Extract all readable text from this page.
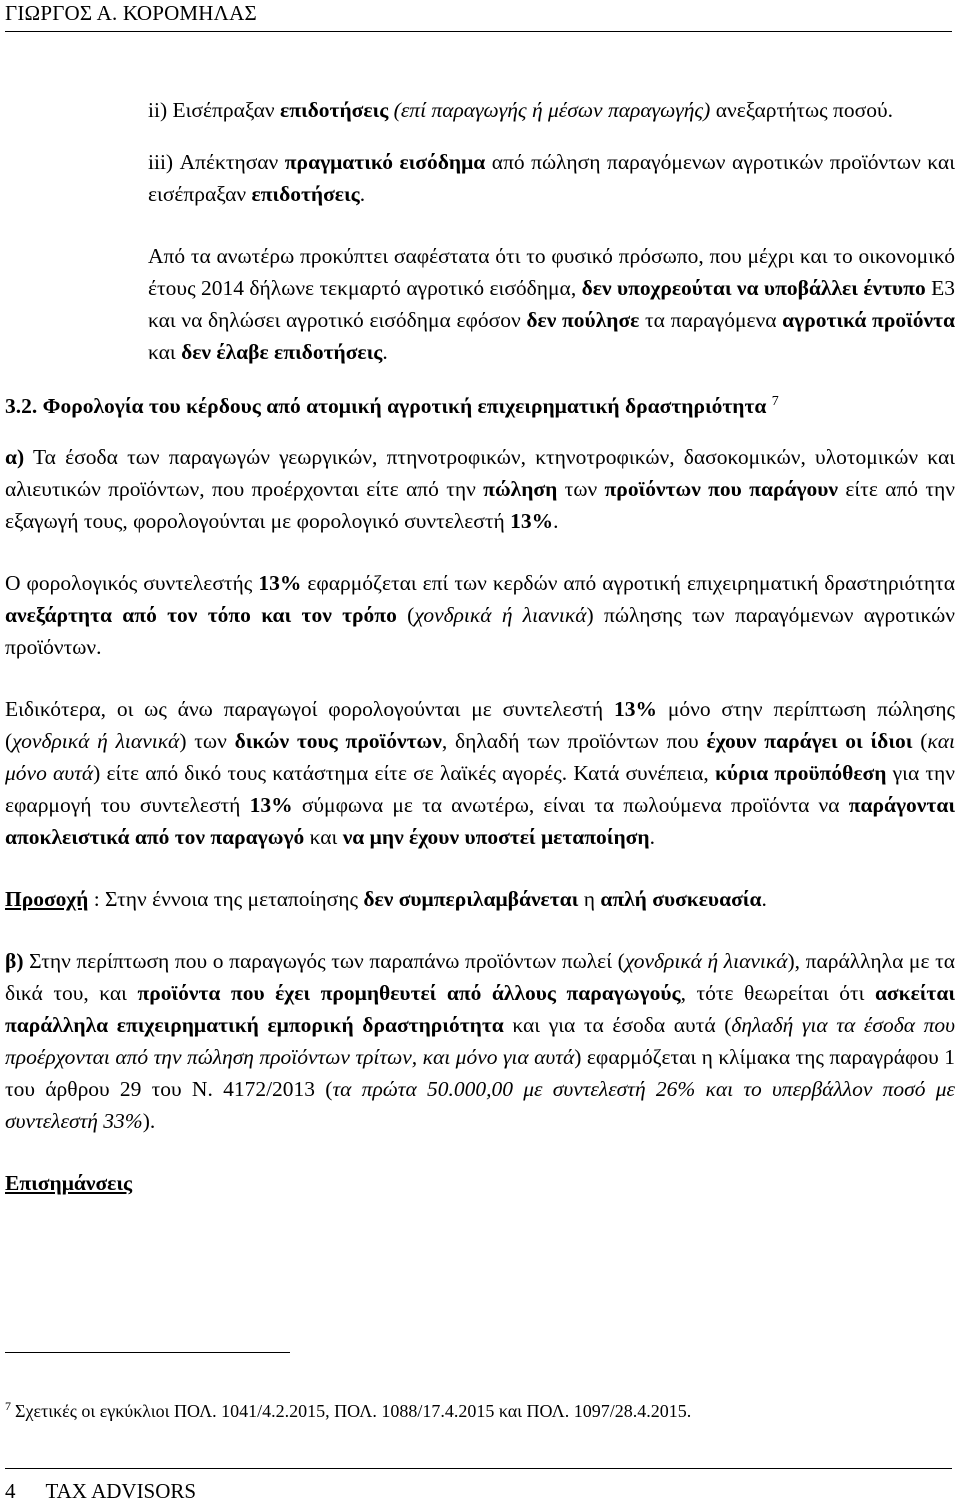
ΓΙΩΡΓΟΣ Α. ΚΟΡΟΜΗΛΑΣ

ii) Εισέπραξαν επιδοτήσεις (επί παραγωγής ή μέσων παραγωγής) ανεξαρτήτως ποσού.

iii) Απέκτησαν πραγματικό εισόδημα από πώληση παραγόμενων αγροτικών προϊόντων και εισέπραξαν επιδοτήσεις.

Από τα ανωτέρω προκύπτει σαφέστατα ότι το φυσικό πρόσωπο, που μέχρι και το οικονομικό έτους 2014 δήλωνε τεκμαρτό αγροτικό εισόδημα, δεν υποχρεούται να υποβάλλει έντυπο Ε3 και να δηλώσει αγροτικό εισόδημα εφόσον δεν πούλησε τα παραγόμενα αγροτικά προϊόντα και δεν έλαβε επιδοτήσεις.

3.2. Φορολογία του κέρδους από ατομική αγροτική επιχειρηματική δραστηριότητα $^7$

α) Τα έσοδα των παραγωγών γεωργικών, πτηνοτροφικών, κτηνοτροφικών, δασοκομικών, υλοτομικών και αλιευτικών προϊόντων, που προέρχονται είτε από την πώληση των προϊόντων που παράγουν είτε από την εξαγωγή τους, φορολογούνται με φορολογικό συντελεστή 13%.

Ο φορολογικός συντελεστής 13% εφαρμόζεται επί των κερδών από αγροτική επιχειρηματική δραστηριότητα ανεξάρτητα από τον τόπο και τον τρόπο (χονδρικά ή λιανικά) πώλησης των παραγόμενων αγροτικών προϊόντων.

Ειδικότερα, οι ως άνω παραγωγοί φορολογούνται με συντελεστή 13% μόνο στην περίπτωση πώλησης (χονδρικά ή λιανικά) των δικών τους προϊόντων, δηλαδή των προϊόντων που έχουν παράγει οι ίδιοι (και μόνο αυτά) είτε από δικό τους κατάστημα είτε σε λαϊκές αγορές. Κατά συνέπεια, κύρια προϋπόθεση για την εφαρμογή του συντελεστή 13% σύμφωνα με τα ανωτέρω, είναι τα πωλούμενα προϊόντα να παράγονται αποκλειστικά από τον παραγωγό και να μην έχουν υποστεί μεταποίηση.

Προσοχή : Στην έννοια της μεταποίησης δεν συμπεριλαμβάνεται η απλή συσκευασία.

β) Στην περίπτωση που ο παραγωγός των παραπάνω προϊόντων πωλεί (χονδρικά ή λιανικά), παράλληλα με τα δικά του, και προϊόντα που έχει προμηθευτεί από άλλους παραγωγούς, τότε θεωρείται ότι ασκείται παράλληλα επιχειρηματική εμπορική δραστηριότητα και για τα έσοδα αυτά (δηλαδή για τα έσοδα που προέρχονται από την πώληση προϊόντων τρίτων, και μόνο για αυτά) εφαρμόζεται η κλίμακα της παραγράφου 1 του άρθρου 29 του Ν. 4172/2013 (τα πρώτα 50.000,00 με συντελεστή 26% και το υπερβάλλον ποσό με συντελεστή 33%).

Επισημάνσεις

$^7$ Σχετικές οι εγκύκλιοι ΠΟΛ. 1041/4.2.2015, ΠΟΛ. 1088/17.4.2015 και ΠΟΛ. 1097/28.4.2015.
4 TAX ADVISORS
